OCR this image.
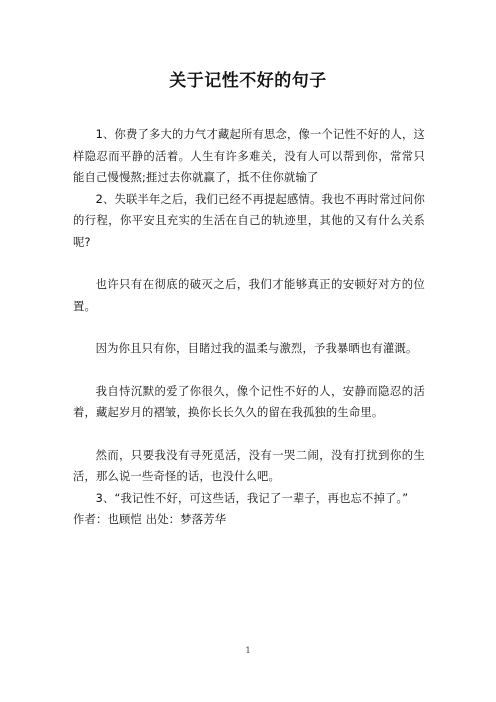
关于记性不好的句子

1、你费了多大的力气才藏起所有思念，像一个记性不好的人，这样隐忍而平静的活着。人生有许多难关，没有人可以帮到你，常常只能自己慢慢熬;捱过去你就赢了，抵不住你就输了

2、失联半年之后，我们已经不再提起感情。我也不再时常过问你的行程，你平安且充实的生活在自己的轨迹里，其他的又有什么关系呢?

也许只有在彻底的破灭之后，我们才能够真正的安顿好对方的位置。

因为你且只有你，目睹过我的温柔与激烈，予我暴晒也有灌溉。

我自恃沉默的爱了你很久，像个记性不好的人，安静而隐忍的活着，藏起岁月的褶皱，换你长长久久的留在我孤独的生命里。

然而，只要我没有寻死觅活，没有一哭二闹，没有打扰到你的生活，那么说一些奇怪的话，也没什么吧。

3、“我记性不好，可这些话，我记了一辈子，再也忘不掉了。”

作者：也顾恺 出处：梦落芳华

1
